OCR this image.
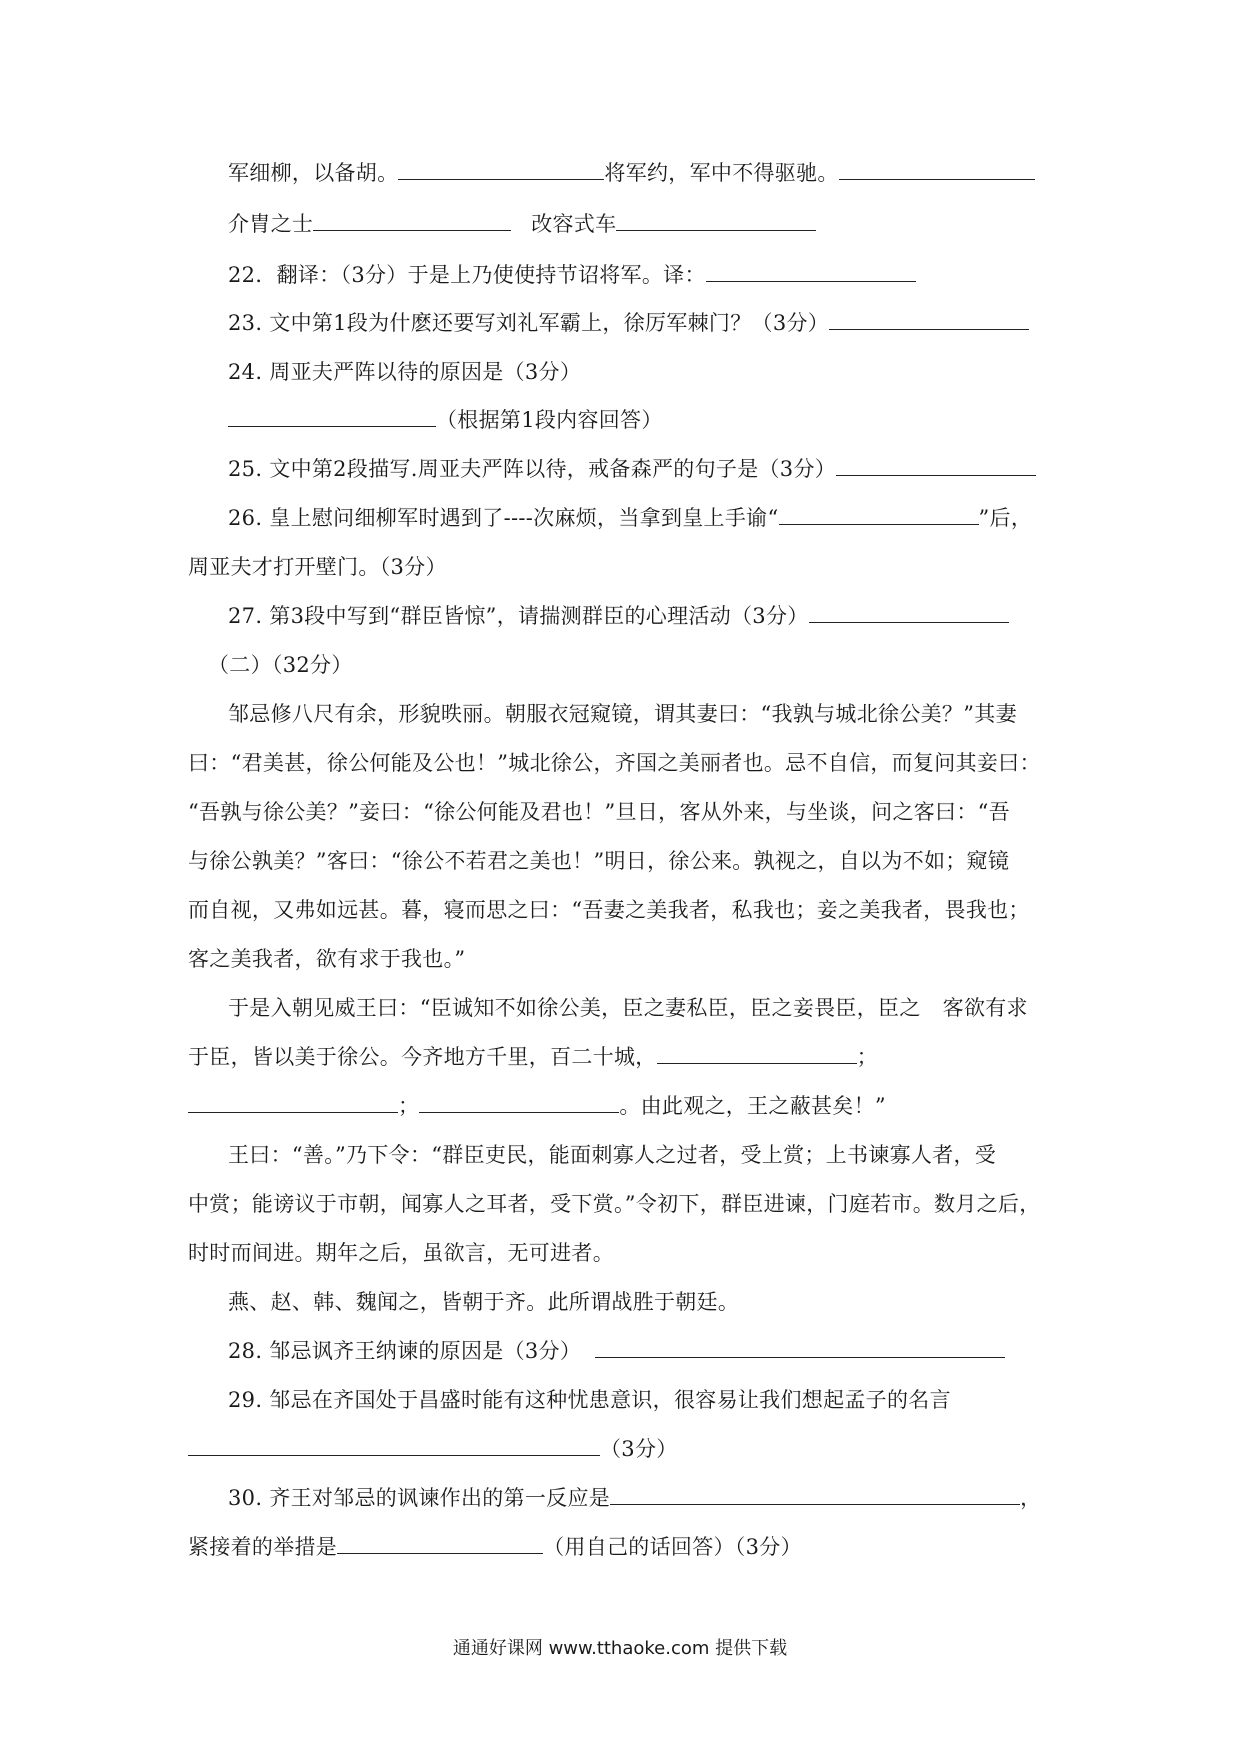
军细柳，以备胡。	将军约，军中不得驱驰。
介胄之士	改容式车
22．翻译：（3分）于是上乃使使持节诏将军。译：
23. 文中第1段为什麽还要写刘礼军霸上，徐厉军棘门？（3分）
24. 周亚夫严阵以待的原因是（3分）
（根据第1段内容回答）
25. 文中第2段描写.周亚夫严阵以待，戒备森严的句子是（3分）
26. 皇上慰问细柳军时遇到了----次麻烦，当拿到皇上手谕“	”后，
周亚夫才打开壁门。（3分）
27. 第3段中写到“群臣皆惊”，请揣测群臣的心理活动（3分）
（二）（32分）
邹忌修八尺有余，形貌昳丽。朝服衣冠窥镜，谓其妻曰：“我孰与城北徐公美？”其妻
曰：“君美甚，徐公何能及公也！”城北徐公，齐国之美丽者也。忌不自信，而复问其妾曰：
“吾孰与徐公美？”妾曰：“徐公何能及君也！”旦日，客从外来，与坐谈，问之客曰：“吾
与徐公孰美？”客曰：“徐公不若君之美也！”明日，徐公来。孰视之，自以为不如；窥镜
而自视，又弗如远甚。暮，寝而思之曰：“吾妻之美我者，私我也；妾之美我者，畏我也；
客之美我者，欲有求于我也。”
于是入朝见威王曰：“臣诚知不如徐公美，臣之妻私臣，臣之妾畏臣，臣之 客欲有求
于臣，皆以美于徐公。今齐地方千里，百二十城，	；
；	。由此观之，王之蔽甚矣！”
王曰：“善。”乃下令：“群臣吏民，能面刺寡人之过者，受上赏；上书谏寡人者，受
中赏；能谤议于市朝，闻寡人之耳者，受下赏。”令初下，群臣进谏，门庭若市。数月之后，
时时而间进。期年之后，虽欲言，无可进者。
燕、赵、韩、魏闻之，皆朝于齐。此所谓战胜于朝廷。
28. 邹忌讽齐王纳谏的原因是（3分）
29. 邹忌在齐国处于昌盛时能有这种忧患意识，很容易让我们想起孟子的名言
（3分）
30. 齐王对邹忌的讽谏作出的第一反应是	，
紧接着的举措是	（用自己的话回答）（3分）
通通好课网 www.tthaoke.com 提供下载
